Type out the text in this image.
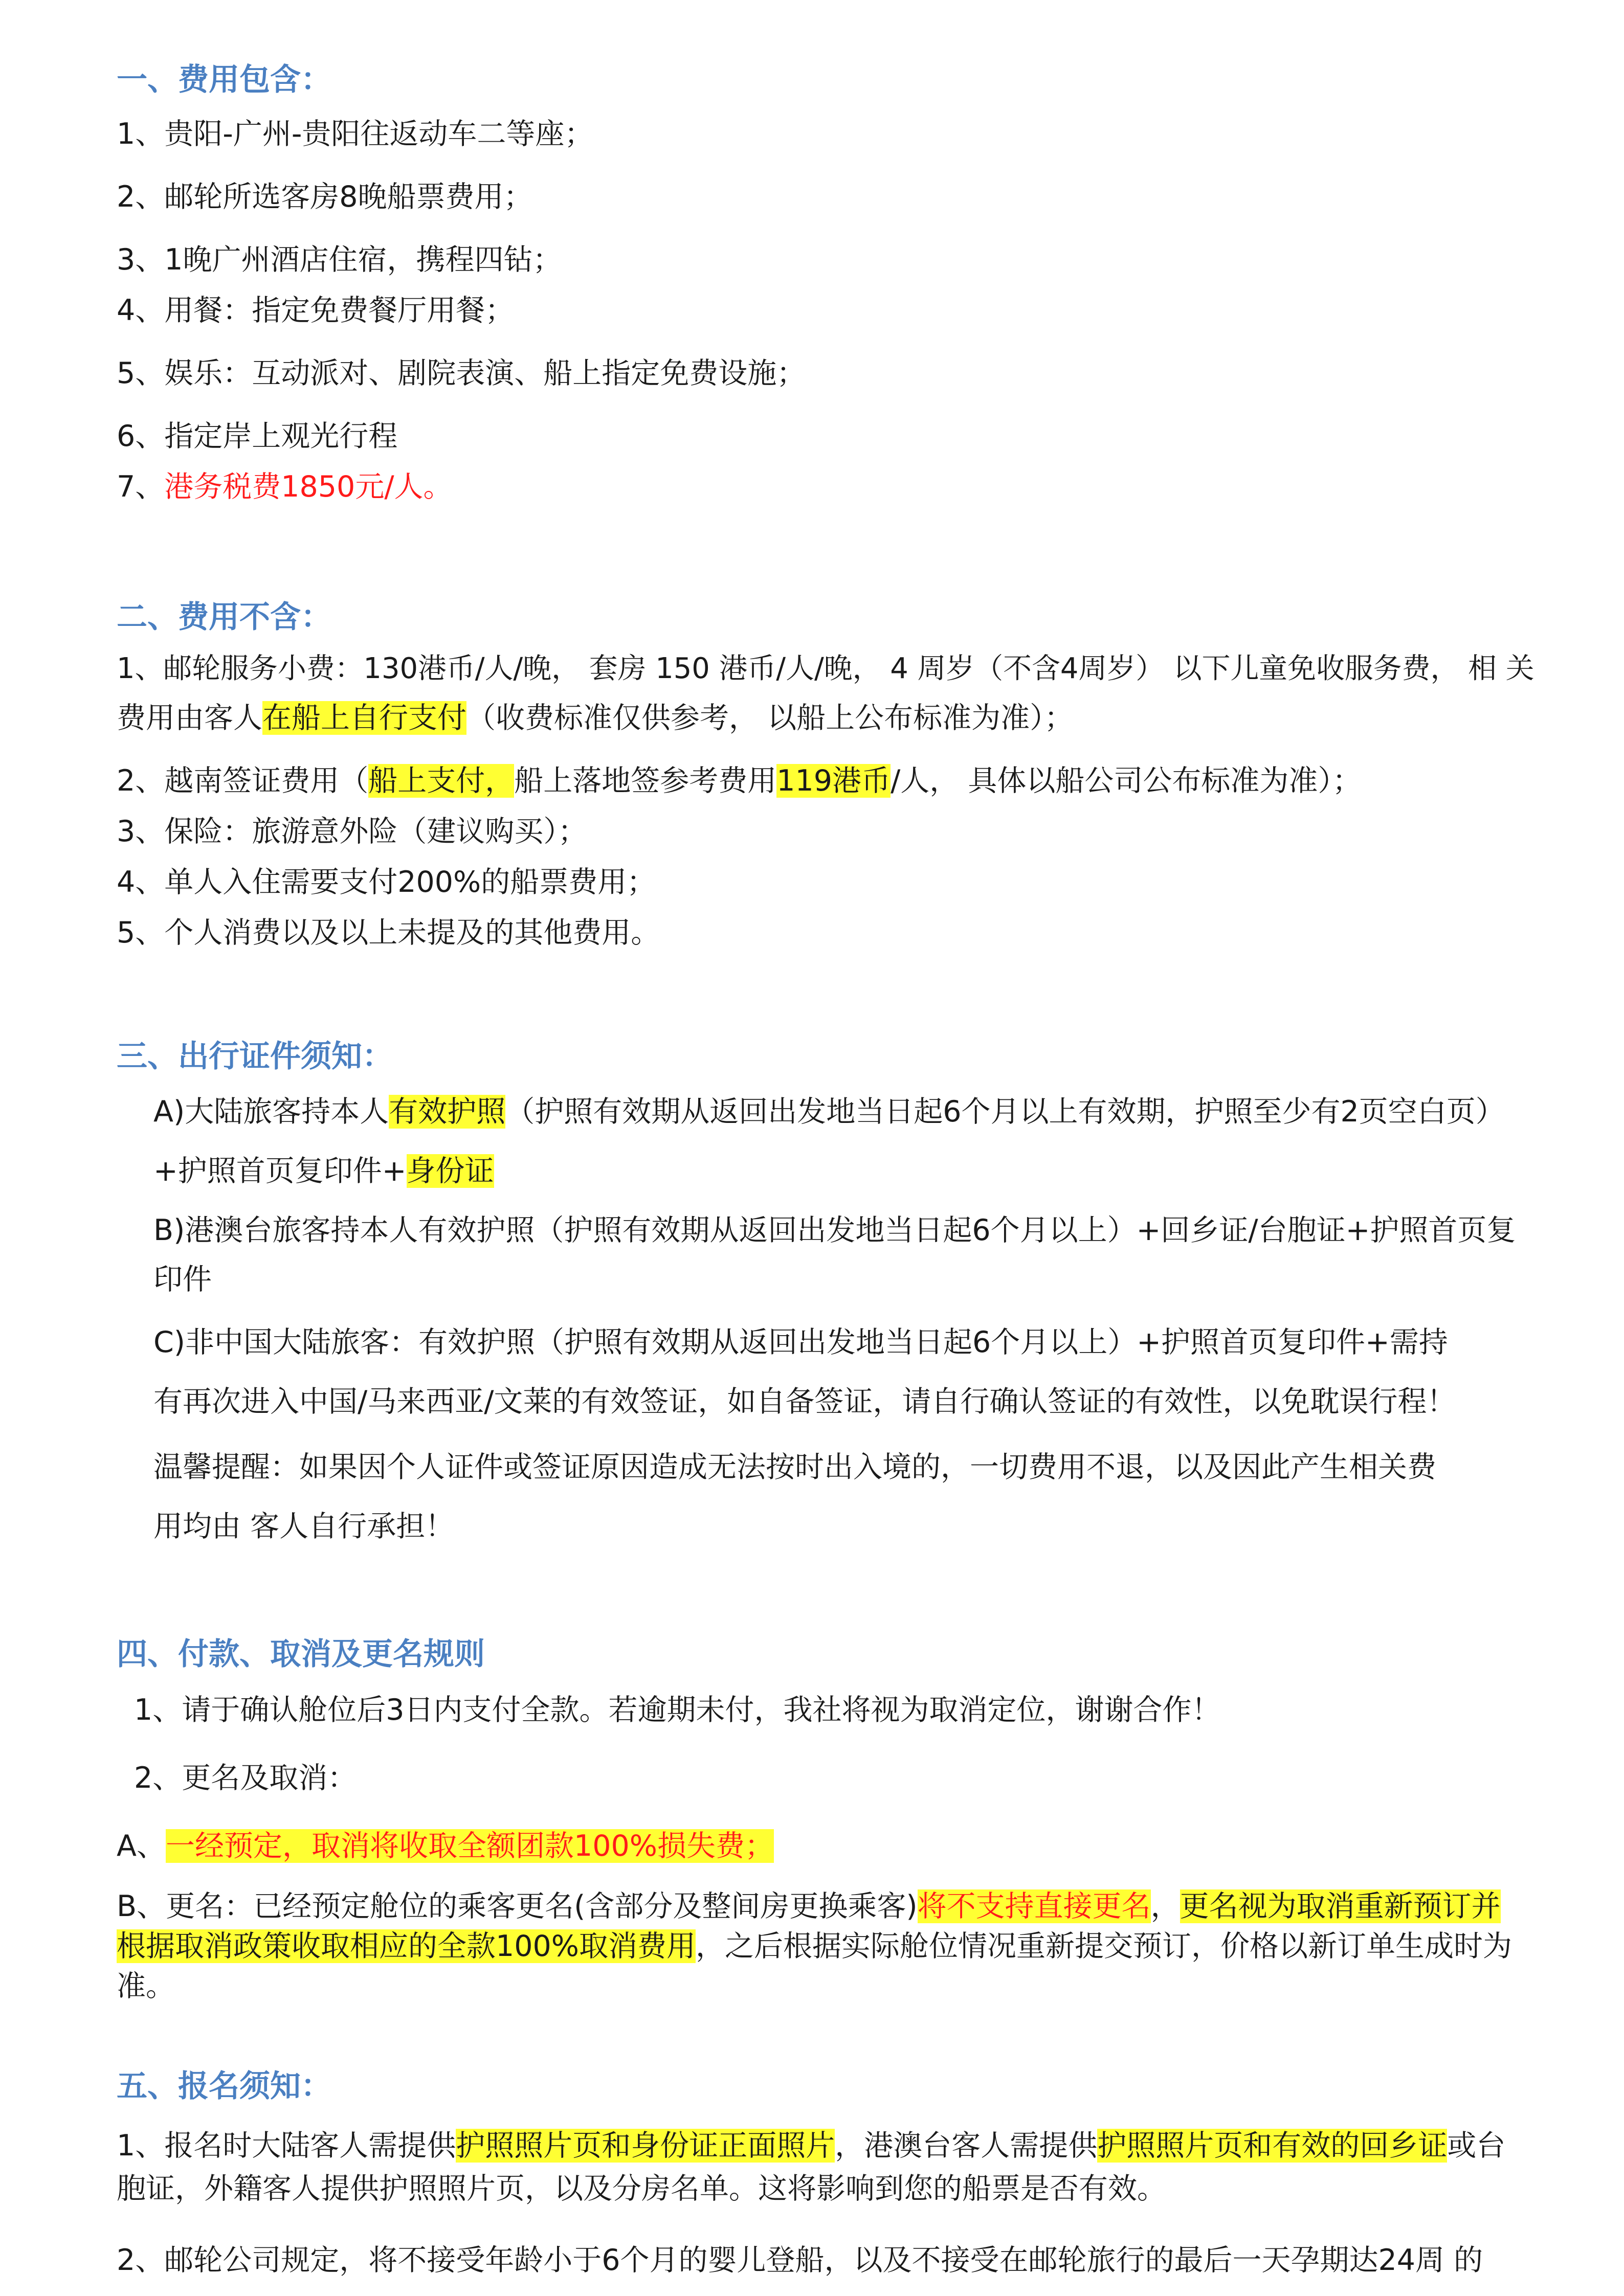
一、费用包含：
1、贵阳-广州-贵阳往返动车二等座；
2、邮轮所选客房8晚船票费用；
3、1晚广州酒店住宿，携程四钻；
4、用餐：指定免费餐厅用餐；
5、娱乐：互动派对、剧院表演、船上指定免费设施；
6、指定岸上观光行程
7、港务税费1850元/人。
二、费用不含：
1、邮轮服务小费：130港币/人/晚， 套房 150 港币/人/晚， 4 周岁（不含4周岁） 以下儿童免收服务费， 相 关
费用由客人在船上自行支付（收费标准仅供参考， 以船上公布标准为准）；
2、越南签证费用（船上支付，船上落地签参考费用119港币/人， 具体以船公司公布标准为准）；
3、保险：旅游意外险（建议购买）；
4、单人入住需要支付200%的船票费用；
5、个人消费以及以上未提及的其他费用。
三、出行证件须知：
A)大陆旅客持本人有效护照（护照有效期从返回出发地当日起6个月以上有效期，护照至少有2页空白页）
+护照首页复印件+身份证
B)港澳台旅客持本人有效护照（护照有效期从返回出发地当日起6个月以上）+回乡证/台胞证+护照首页复
印件
C)非中国大陆旅客：有效护照（护照有效期从返回出发地当日起6个月以上）+护照首页复印件+需持
有再次进入中国/马来西亚/文莱的有效签证，如自备签证，请自行确认签证的有效性，以免耽误行程！
温馨提醒：如果因个人证件或签证原因造成无法按时出入境的，一切费用不退，以及因此产生相关费
用均由 客人自行承担！
四、付款、取消及更名规则
1、请于确认舱位后3日内支付全款。若逾期未付，我社将视为取消定位，谢谢合作！
2、更名及取消：
A、一经预定，取消将收取全额团款100%损失费；
B、更名：已经预定舱位的乘客更名(含部分及整间房更换乘客)将不支持直接更名，更名视为取消重新预订并
根据取消政策收取相应的全款100%取消费用，之后根据实际舱位情况重新提交预订，价格以新订单生成时为
准。
五、报名须知：
1、报名时大陆客人需提供护照照片页和身份证正面照片，港澳台客人需提供护照照片页和有效的回乡证或台
胞证，外籍客人提供护照照片页，以及分房名单。这将影响到您的船票是否有效。
2、邮轮公司规定，将不接受年龄小于6个月的婴儿登船，以及不接受在邮轮旅行的最后一天孕期达24周 的
